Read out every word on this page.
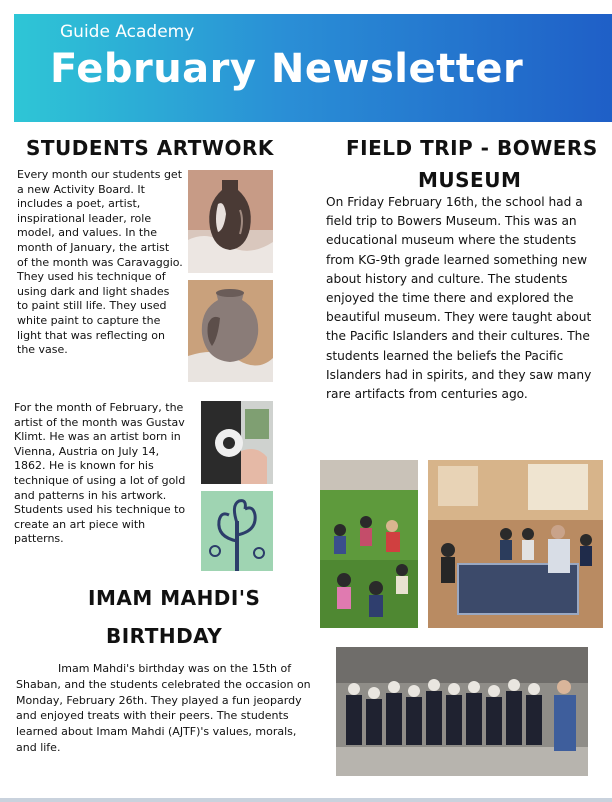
Guide Academy
February Newsletter
STUDENTS ARTWORK
Every month our students get a new Activity Board. It includes a poet, artist, inspirational leader, role model, and values. In the month of January, the artist of the month was Caravaggio. They used his technique of using dark and light shades to paint still life. They used white paint to capture the light that was reflecting on the vase.
For the month of February, the artist of the month was Gustav Klimt. He was an artist born in Vienna, Austria on July 14, 1862. He is known for his technique of using a lot of gold and patterns in his artwork. Students used his technique to create an art piece with patterns.
IMAM MAHDI'S
BIRTHDAY
Imam Mahdi's birthday was on the 15th of Shaban, and the students celebrated the occasion on Monday, February 26th. They played a fun jeopardy and enjoyed treats with their peers. The students learned about Imam Mahdi (AJTF)'s values, morals, and life.
FIELD TRIP - BOWERS
MUSEUM
On Friday February 16th, the school had a field trip to Bowers Museum. This was an educational museum where the students from KG-9th grade learned something new about history and culture. The students enjoyed the time there and explored the beautiful museum. They were taught about the Pacific Islanders and their cultures. The students learned the beliefs the Pacific Islanders had in spirits, and they saw many rare artifacts from centuries ago.
